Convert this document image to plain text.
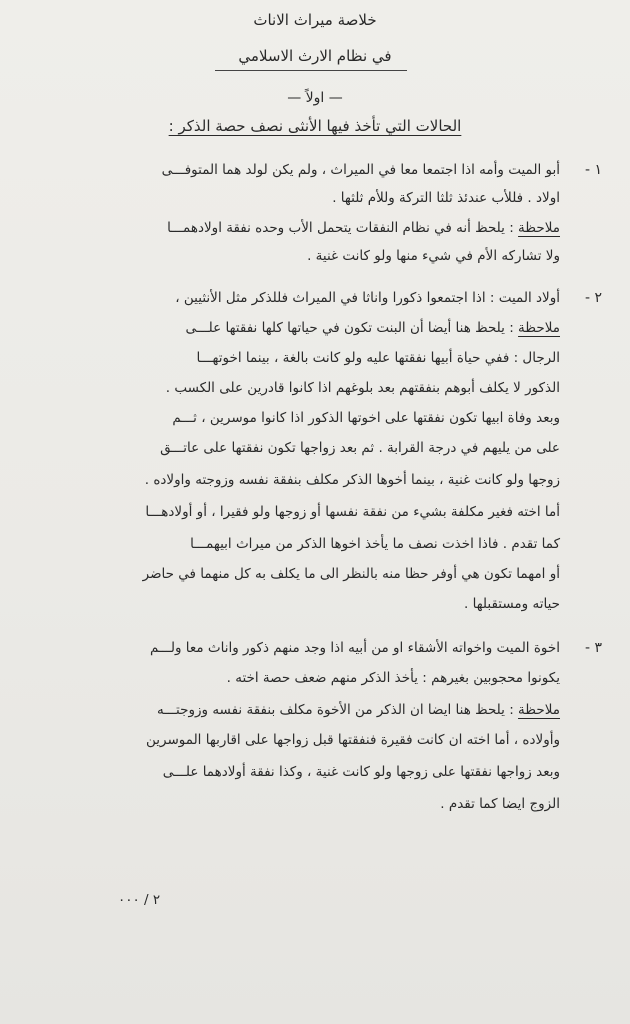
خلاصة ميراث الاناث
في نظام الارث الاسلامي
— اولاً —
الحالات التي تأخذ فيها الأنثى نصف حصة الذكر :
١ -
أبو الميت وأمه اذا اجتمعا معا في الميراث ، ولم يكن لولد هما المتوفـــى
اولاد . فللأب عندئذ ثلثا التركة وللأم ثلثها .
ملاحظة : يلحظ أنه في نظام النفقات يتحمل الأب وحده نفقة اولادهمـــا
ولا تشاركه الأم في شيء منها ولو كانت غنية .
٢ -
أولاد الميت : اذا اجتمعوا ذكورا واناثا في الميراث فللذكر مثل الأنثيين ،
ملاحظة : يلحظ هنا أيضا أن البنت تكون في حياتها كلها نفقتها علـــى
الرجال : ففي حياة أبيها نفقتها عليه ولو كانت بالغة ، بينما اخوتهـــا
الذكور لا يكلف أبوهم بنفقتهم بعد بلوغهم اذا كانوا قادرين على الكسب .
وبعد وفاة ابيها تكون نفقتها على اخوتها الذكور اذا كانوا موسرين ، ثـــم
على من يليهم في درجة القرابة . ثم بعد زواجها تكون نفقتها على عاتـــق
زوجها ولو كانت غنية ، بينما أخوها الذكر مكلف بنفقة نفسه وزوجته واولاده .
أما اخته فغير مكلفة بشيء من نفقة نفسها أو زوجها ولو فقيرا ، أو أولادهـــا
كما تقدم . فاذا اخذت نصف ما يأخذ اخوها الذكر من ميراث ابيهمـــا
أو امهما تكون هي أوفر حظا منه بالنظر الى ما يكلف به كل منهما في حاضر
حياته ومستقبلها .
٣ -
اخوة الميت واخواته الأشقاء او من أبيه اذا وجد منهم ذكور واناث معا ولـــم
يكونوا محجوبين بغيرهم : يأخذ الذكر منهم ضعف حصة اخته .
ملاحظة : يلحظ هنا ايضا ان الذكر من الأخوة مكلف بنفقة نفسه وزوجتـــه
وأولاده ، أما اخته ان كانت فقيرة فنفقتها قبل زواجها على اقاربها الموسرين
وبعد زواجها نفقتها على زوجها ولو كانت غنية ، وكذا نفقة أولادهما علـــى
الزوج ايضا كما تقدم .
٢ / ٠٠٠
